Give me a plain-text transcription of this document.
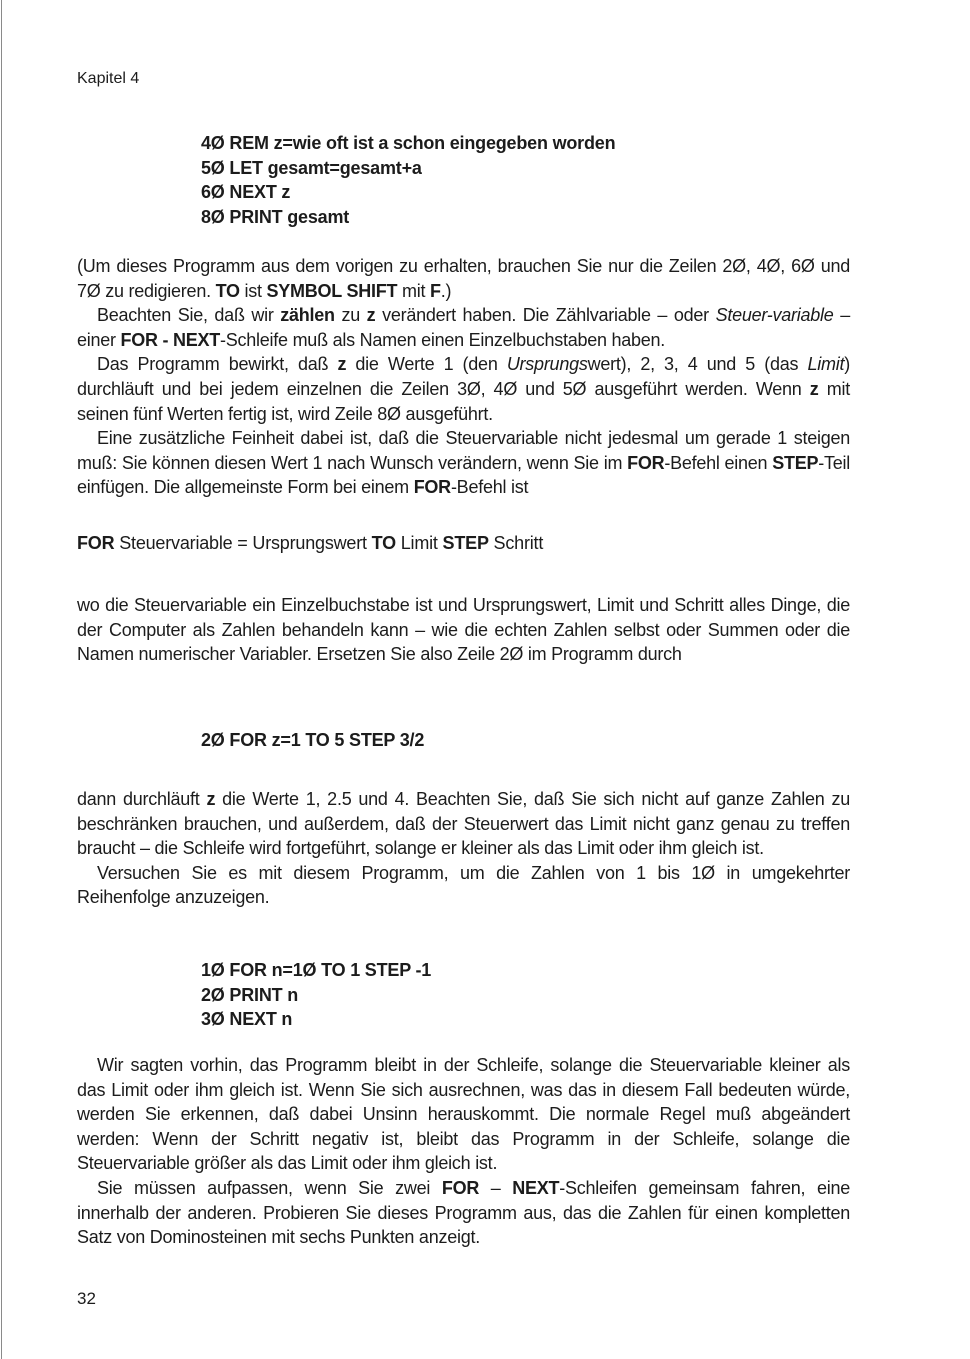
Kapitel 4
4Ø REM z=wie oft ist a schon eingegeben worden
5Ø LET gesamt=gesamt+a
6Ø NEXT z
8Ø PRINT gesamt

(Um dieses Programm aus dem vorigen zu erhalten, brauchen Sie nur die Zeilen 2Ø, 4Ø, 6Ø und 7Ø zu redigieren. TO ist SYMBOL SHIFT mit F.)

Beachten Sie, daß wir zählen zu z verändert haben. Die Zählvariable – oder Steuer-variable – einer FOR - NEXT-Schleife muß als Namen einen Einzelbuchstaben haben.

Das Programm bewirkt, daß z die Werte 1 (den Ursprungswert), 2, 3, 4 und 5 (das Limit) durchläuft und bei jedem einzelnen die Zeilen 3Ø, 4Ø und 5Ø ausgeführt werden. Wenn z mit seinen fünf Werten fertig ist, wird Zeile 8Ø ausgeführt.

Eine zusätzliche Feinheit dabei ist, daß die Steuervariable nicht jedesmal um gerade 1 steigen muß: Sie können diesen Wert 1 nach Wunsch verändern, wenn Sie im FOR-Befehl einen STEP-Teil einfügen. Die allgemeinste Form bei einem FOR-Befehl ist

FOR Steuervariable = Ursprungswert TO Limit STEP Schritt

wo die Steuervariable ein Einzelbuchstabe ist und Ursprungswert, Limit und Schritt alles Dinge, die der Computer als Zahlen behandeln kann – wie die echten Zahlen selbst oder Summen oder die Namen numerischer Variabler. Ersetzen Sie also Zeile 2Ø im Programm durch

2Ø FOR z=1 TO 5 STEP 3/2

dann durchläuft z die Werte 1, 2.5 und 4. Beachten Sie, daß Sie sich nicht auf ganze Zahlen zu beschränken brauchen, und außerdem, daß der Steuerwert das Limit nicht ganz genau zu treffen braucht – die Schleife wird fortgeführt, solange er kleiner als das Limit oder ihm gleich ist.

Versuchen Sie es mit diesem Programm, um die Zahlen von 1 bis 1Ø in umgekehrter Reihenfolge anzuzeigen.

1Ø FOR n=1Ø TO 1 STEP -1
2Ø PRINT n
3Ø NEXT n

Wir sagten vorhin, das Programm bleibt in der Schleife, solange die Steuervariable kleiner als das Limit oder ihm gleich ist. Wenn Sie sich ausrechnen, was das in diesem Fall bedeuten würde, werden Sie erkennen, daß dabei Unsinn herauskommt. Die normale Regel muß abgeändert werden: Wenn der Schritt negativ ist, bleibt das Programm in der Schleife, solange die Steuervariable größer als das Limit oder ihm gleich ist.

Sie müssen aufpassen, wenn Sie zwei FOR – NEXT-Schleifen gemeinsam fahren, eine innerhalb der anderen. Probieren Sie dieses Programm aus, das die Zahlen für einen kompletten Satz von Dominosteinen mit sechs Punkten anzeigt.

32
